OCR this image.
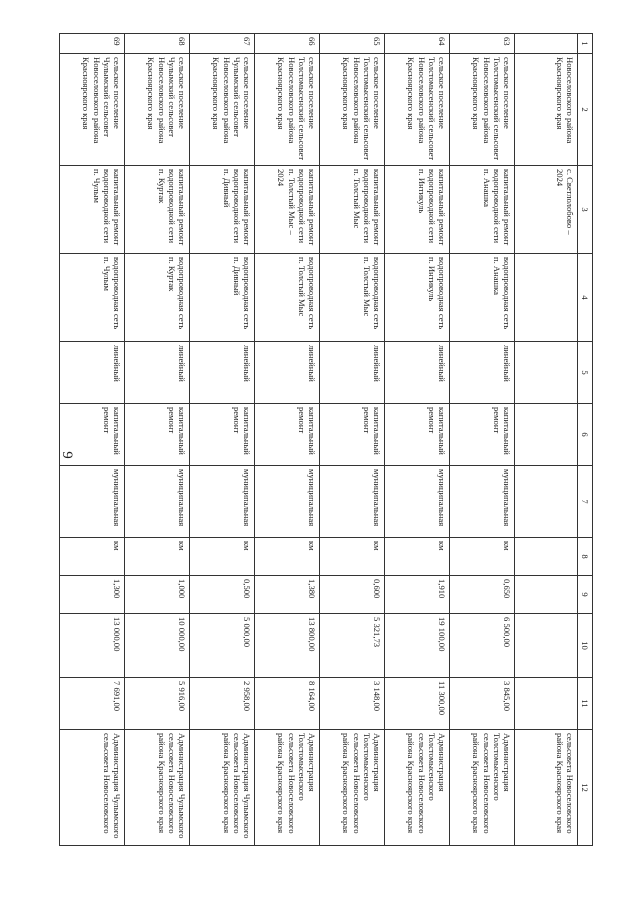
9
1	2	3	4	5	6	7	8	9	10	11	12
	Новоселовского района Красноярского края	с. Светлолобово – 2024									сельсовета Новоселовского района Красноярского края
63	сельское поселение Толстомысенский сельсовет Новоселовского района Красноярского края	капитальный ремонт водопроводной сети п. Анашка	водопроводная сеть п. Анашка	линейный	капитальный ремонт	муниципальная	км	0,650	6 500,00	3 845,00	Администрация Толстомысенского сельсовета Новоселовского района Красноярского края
64	сельское поселение Толстомысенский сельсовет Новоселовского района Красноярского края	капитальный ремонт водопроводной сети п. Интикуль	водопроводная сеть п. Интикуль	линейный	капитальный ремонт	муниципальная	км	1,910	19 100,00	11 300,00	Администрация Толстомысенского сельсовета Новоселовского района Красноярского края
65	сельское поселение Толстомысенский сельсовет Новоселовского района Красноярского края	капитальный ремонт водопроводной сети п. Толстый Мыс	водопроводная сеть п. Толстый Мыс	линейный	капитальный ремонт	муниципальная	км	0,600	5 321,73	3 148,00	Администрация Толстомысенского сельсовета Новоселовского района Красноярского края
66	сельское поселение Толстомысенский сельсовет Новоселовского района Красноярского края	капитальный ремонт водопроводной сети п. Толстый Мыс – 2024	водопроводная сеть п. Толстый Мыс	линейный	капитальный ремонт	муниципальная	км	1,380	13 800,00	8 164,00	Администрация Толстомысенского сельсовета Новоселовского района Красноярского края
67	сельское поселение Чулымский сельсовет Новоселовского района Красноярского края	капитальный ремонт водопроводной сети п. Дивный	водопроводная сеть п. Дивный	линейный	капитальный ремонт	муниципальная	км	0,500	5 000,00	2 958,00	Администрация Чулымского сельсовета Новоселовского района Красноярского края
68	сельское поселение Чулымский сельсовет Новоселовского района Красноярского края	капитальный ремонт водопроводной сети п. Куртак	водопроводная сеть п. Куртак	линейный	капитальный ремонт	муниципальная	км	1,000	10 000,00	5 916,00	Администрация Чулымского сельсовета Новоселовского района Красноярского края
69	сельское поселение Чулымский сельсовет Новоселовского района Красноярского края	капитальный ремонт водопроводной сети п. Чулым	водопроводная сеть п. Чулым	линейный	капитальный ремонт	муниципальная	км	1,300	13 000,00	7 691,00	Администрация Чулымского сельсовета Новоселовского
